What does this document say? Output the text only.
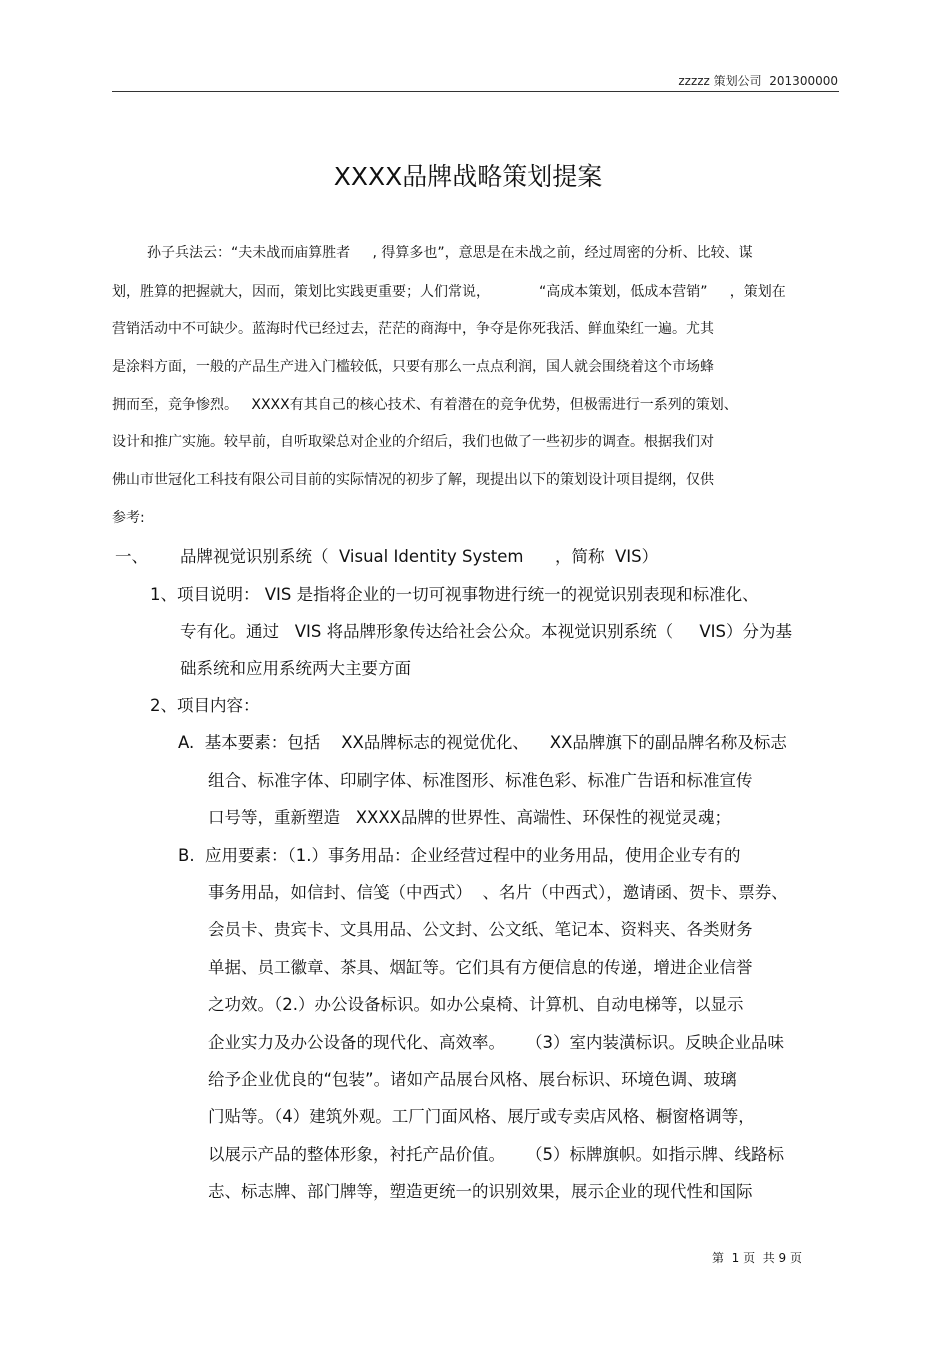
zzzzz 策划公司  201300000
XXXX品牌战略策划提案
孙子兵法云：“夫未战而庙算胜者     , 得算多也”，意思是在未战之前，经过周密的分析、比较、谋
划，胜算的把握就大，因而，策划比实践更重要；人们常说，           “高成本策划，低成本营销”     ，策划在
营销活动中不可缺少。蓝海时代已经过去，茫茫的商海中，争夺是你死我活、鲜血染红一遍。尤其
是涂料方面，一般的产品生产进入门槛较低，只要有那么一点点利润，国人就会围绕着这个市场蜂
拥而至，竞争惨烈。   XXXX有其自己的核心技术、有着潜在的竞争优势，但极需进行一系列的策划、
设计和推广实施。较早前，自听取梁总对企业的介绍后，我们也做了一些初步的调查。根据我们对
佛山市世冠化工科技有限公司目前的实际情况的初步了解，现提出以下的策划设计项目提纲，仅供
参考:
一、 品牌视觉识别系统（  Visual Identity System      ，简称  VIS）
1、项目说明： VIS 是指将企业的一切可视事物进行统一的视觉识别表现和标准化、
专有化。通过   VIS 将品牌形象传达给社会公众。本视觉识别系统（     VIS）分为基
础系统和应用系统两大主要方面
2、项目内容：
A.  基本要素：包括    XX品牌标志的视觉优化、    XX品牌旗下的副品牌名称及标志
组合、标准字体、印刷字体、标准图形、标准色彩、标准广告语和标准宣传
口号等，重新塑造   XXXX品牌的世界性、高端性、环保性的视觉灵魂；
B.  应用要素：（1.）事务用品：企业经营过程中的业务用品，使用企业专有的
事务用品，如信封、信笺（中西式）  、名片（中西式），邀请函、贺卡、票券、
会员卡、贵宾卡、文具用品、公文封、公文纸、笔记本、资料夹、各类财务
单据、员工徽章、茶具、烟缸等。它们具有方便信息的传递，增进企业信誉
之功效。（2.）办公设备标识。如办公桌椅、计算机、自动电梯等，以显示
企业实力及办公设备的现代化、高效率。    （3）室内装潢标识。反映企业品味
给予企业优良的“包装”。诸如产品展台风格、展台标识、环境色调、玻璃
门贴等。（4）建筑外观。工厂门面风格、展厅或专卖店风格、橱窗格调等，
以展示产品的整体形象，衬托产品价值。    （5）标牌旗帜。如指示牌、线路标
志、标志牌、部门牌等，塑造更统一的识别效果，展示企业的现代性和国际
第  1 页  共 9 页
